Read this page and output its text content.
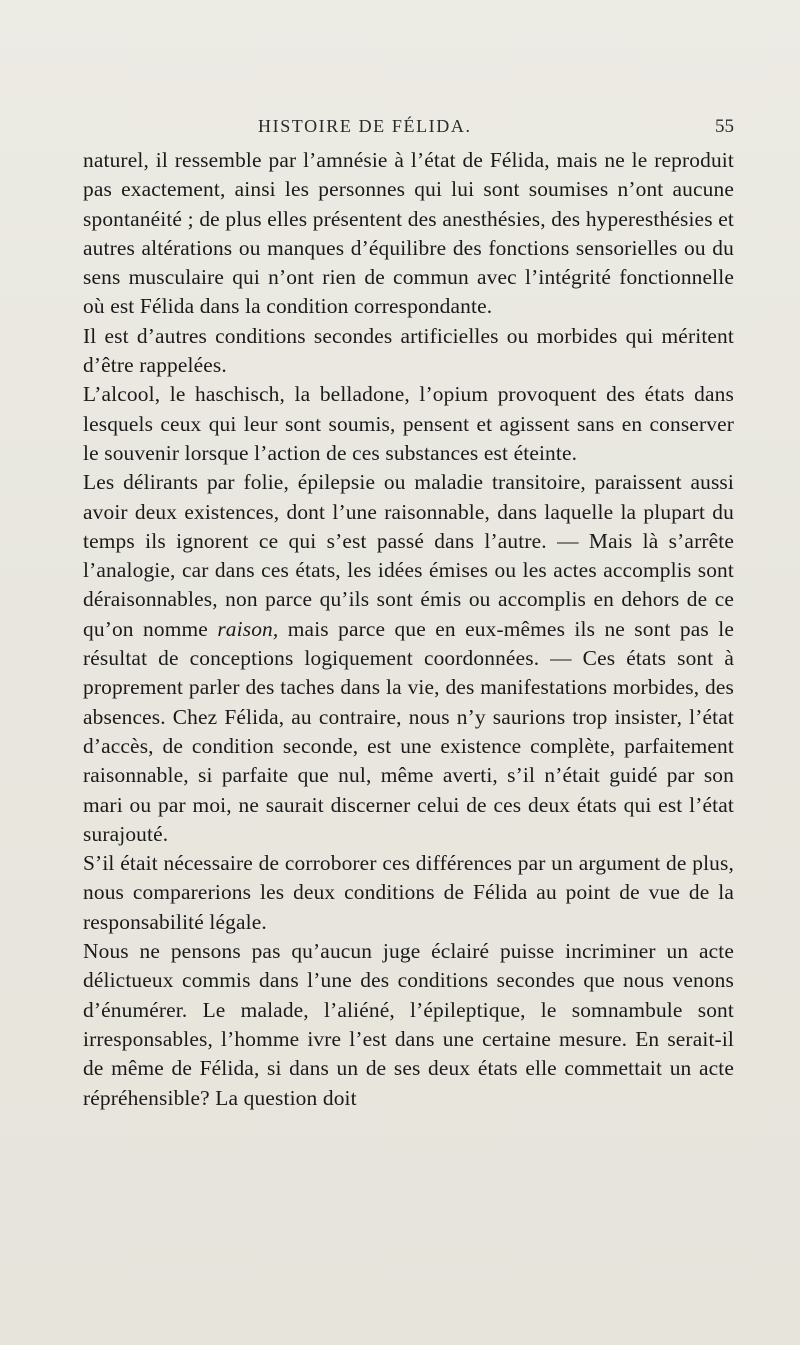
HISTOIRE DE FÉLIDA.	55

naturel, il ressemble par l’amnésie à l’état de Félida, mais ne le reproduit pas exactement, ainsi les personnes qui lui sont soumises n’ont aucune spontanéité ; de plus elles présentent des anesthésies, des hyperesthésies et autres altérations ou manques d’équilibre des fonctions sensorielles ou du sens musculaire qui n’ont rien de commun avec l’intégrité fonctionnelle où est Félida dans la condition correspondante.

Il est d’autres conditions secondes artificielles ou morbides qui méritent d’être rappelées.

L’alcool, le haschisch, la belladone, l’opium provoquent des états dans lesquels ceux qui leur sont soumis, pensent et agissent sans en conserver le souvenir lorsque l’action de ces substances est éteinte.

Les délirants par folie, épilepsie ou maladie transitoire, paraissent aussi avoir deux existences, dont l’une raisonnable, dans laquelle la plupart du temps ils ignorent ce qui s’est passé dans l’autre. — Mais là s’arrête l’analogie, car dans ces états, les idées émises ou les actes accomplis sont déraisonnables, non parce qu’ils sont émis ou accomplis en dehors de ce qu’on nomme raison, mais parce que en eux-mêmes ils ne sont pas le résultat de conceptions logiquement coordonnées. — Ces états sont à proprement parler des taches dans la vie, des manifestations morbides, des absences. Chez Félida, au contraire, nous n’y saurions trop insister, l’état d’accès, de condition seconde, est une existence complète, parfaitement raisonnable, si parfaite que nul, même averti, s’il n’était guidé par son mari ou par moi, ne saurait discerner celui de ces deux états qui est l’état surajouté.

S’il était nécessaire de corroborer ces différences par un argument de plus, nous comparerions les deux conditions de Félida au point de vue de la responsabilité légale.

Nous ne pensons pas qu’aucun juge éclairé puisse incriminer un acte délictueux commis dans l’une des conditions secondes que nous venons d’énumérer. Le malade, l’aliéné, l’épileptique, le somnambule sont irresponsables, l’homme ivre l’est dans une certaine mesure. En serait-il de même de Félida, si dans un de ses deux états elle commettait un acte répréhensible? La question doit
